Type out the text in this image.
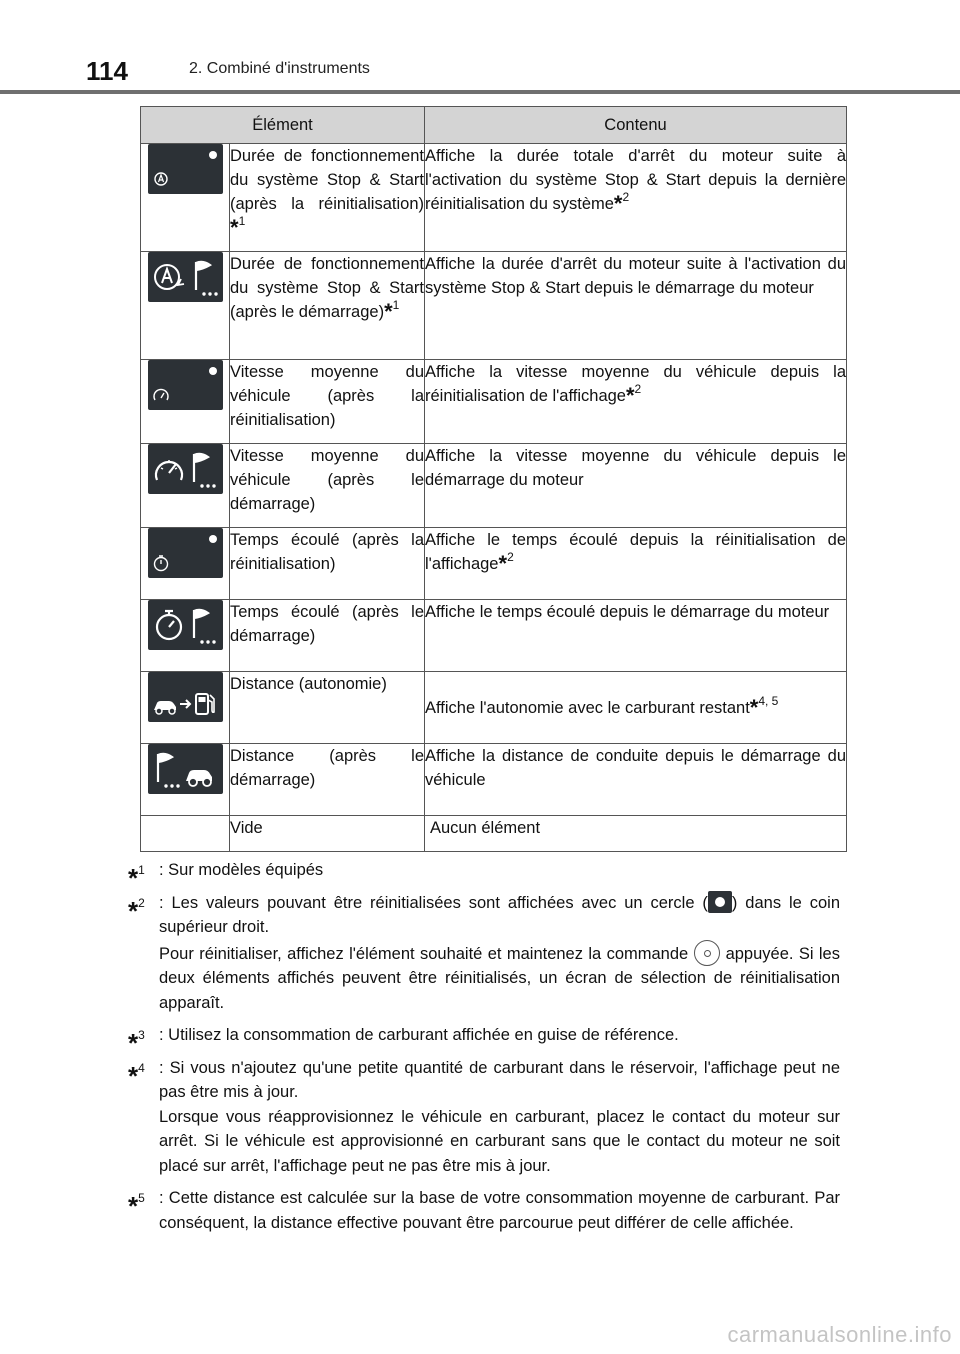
114	2. Combiné d'instruments
Élément		Contenu

	Durée de fonctionnement du système Stop & Start (après la réinitialisation) $^{*1}$	Affiche la durée totale d'arrêt du moteur suite à l'activation du système Stop & Start depuis la dernière réinitialisation du système$^{*2}$

	Durée de fonctionnement du système Stop & Start (après le démarrage)$^{*1}$	Affiche la durée d'arrêt du moteur suite à l'activation du système Stop & Start depuis le démarrage du moteur

	Vitesse moyenne du véhicule (après la réinitialisation)	Affiche la vitesse moyenne du véhicule depuis la réinitialisation de l'affichage$^{*2}$

	Vitesse moyenne du véhicule (après le démarrage)	Affiche la vitesse moyenne du véhicule depuis le démarrage du moteur

	Temps écoulé (après la réinitialisation)	Affiche le temps écoulé depuis la réinitialisation de l'affichage$^{*2}$

	Temps écoulé (après le démarrage)	Affiche le temps écoulé depuis le démarrage du moteur

	Distance (autonomie)	Affiche l'autonomie avec le carburant restant$^{*4, 5}$

	Distance (après le démarrage)	Affiche la distance de conduite depuis le démarrage du véhicule
	Vide	Aucun élément
*$^1$ : Sur modèles équipés
*$^2$ : Les valeurs pouvant être réinitialisées sont affichées avec un cercle ( ) dans le coin supérieur droit.
Pour réinitialiser, affichez l'élément souhaité et maintenez la commande appuyée. Si les deux éléments affichés peuvent être réinitialisés, un écran de sélection de réinitialisation apparaît.
*$^3$ : Utilisez la consommation de carburant affichée en guise de référence.
*$^4$ : Si vous n'ajoutez qu'une petite quantité de carburant dans le réservoir, l'affichage peut ne pas être mis à jour.
Lorsque vous réapprovisionnez le véhicule en carburant, placez le contact du moteur sur arrêt. Si le véhicule est approvisionné en carburant sans que le contact du moteur ne soit placé sur arrêt, l'affichage peut ne pas être mis à jour.
*$^5$ : Cette distance est calculée sur la base de votre consommation moyenne de carburant. Par conséquent, la distance effective pouvant être parcourue peut différer de celle affichée.
carmanualsonline.info
